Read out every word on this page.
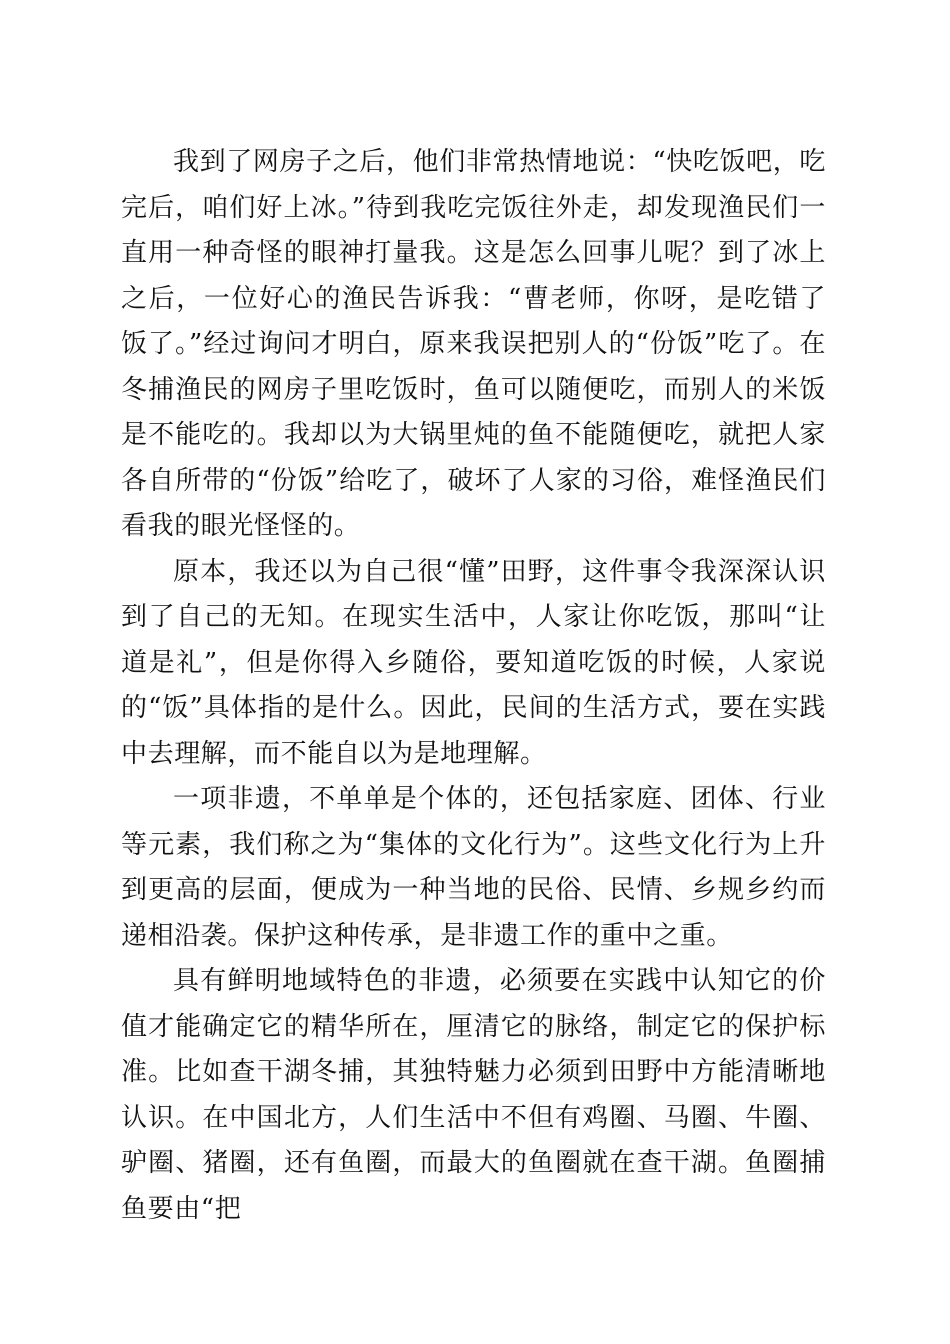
我到了网房子之后，他们非常热情地说：“快吃饭吧，吃完后，咱们好上冰。”待到我吃完饭往外走，却发现渔民们一直用一种奇怪的眼神打量我。这是怎么回事儿呢？到了冰上之后，一位好心的渔民告诉我：“曹老师，你呀，是吃错了饭了。”经过询问才明白，原来我误把别人的“份饭”吃了。在冬捕渔民的网房子里吃饭时，鱼可以随便吃，而别人的米饭是不能吃的。我却以为大锅里炖的鱼不能随便吃，就把人家各自所带的“份饭”给吃了，破坏了人家的习俗，难怪渔民们看我的眼光怪怪的。

原本，我还以为自己很“懂”田野，这件事令我深深认识到了自己的无知。在现实生活中，人家让你吃饭，那叫“让道是礼”，但是你得入乡随俗，要知道吃饭的时候，人家说的“饭”具体指的是什么。因此，民间的生活方式，要在实践中去理解，而不能自以为是地理解。

一项非遗，不单单是个体的，还包括家庭、团体、行业等元素，我们称之为“集体的文化行为”。这些文化行为上升到更高的层面，便成为一种当地的民俗、民情、乡规乡约而递相沿袭。保护这种传承，是非遗工作的重中之重。

具有鲜明地域特色的非遗，必须要在实践中认知它的价值才能确定它的精华所在，厘清它的脉络，制定它的保护标准。比如查干湖冬捕，其独特魅力必须到田野中方能清晰地认识。在中国北方，人们生活中不但有鸡圈、马圈、牛圈、驴圈、猪圈，还有鱼圈，而最大的鱼圈就在查干湖。鱼圈捕鱼要由“把
